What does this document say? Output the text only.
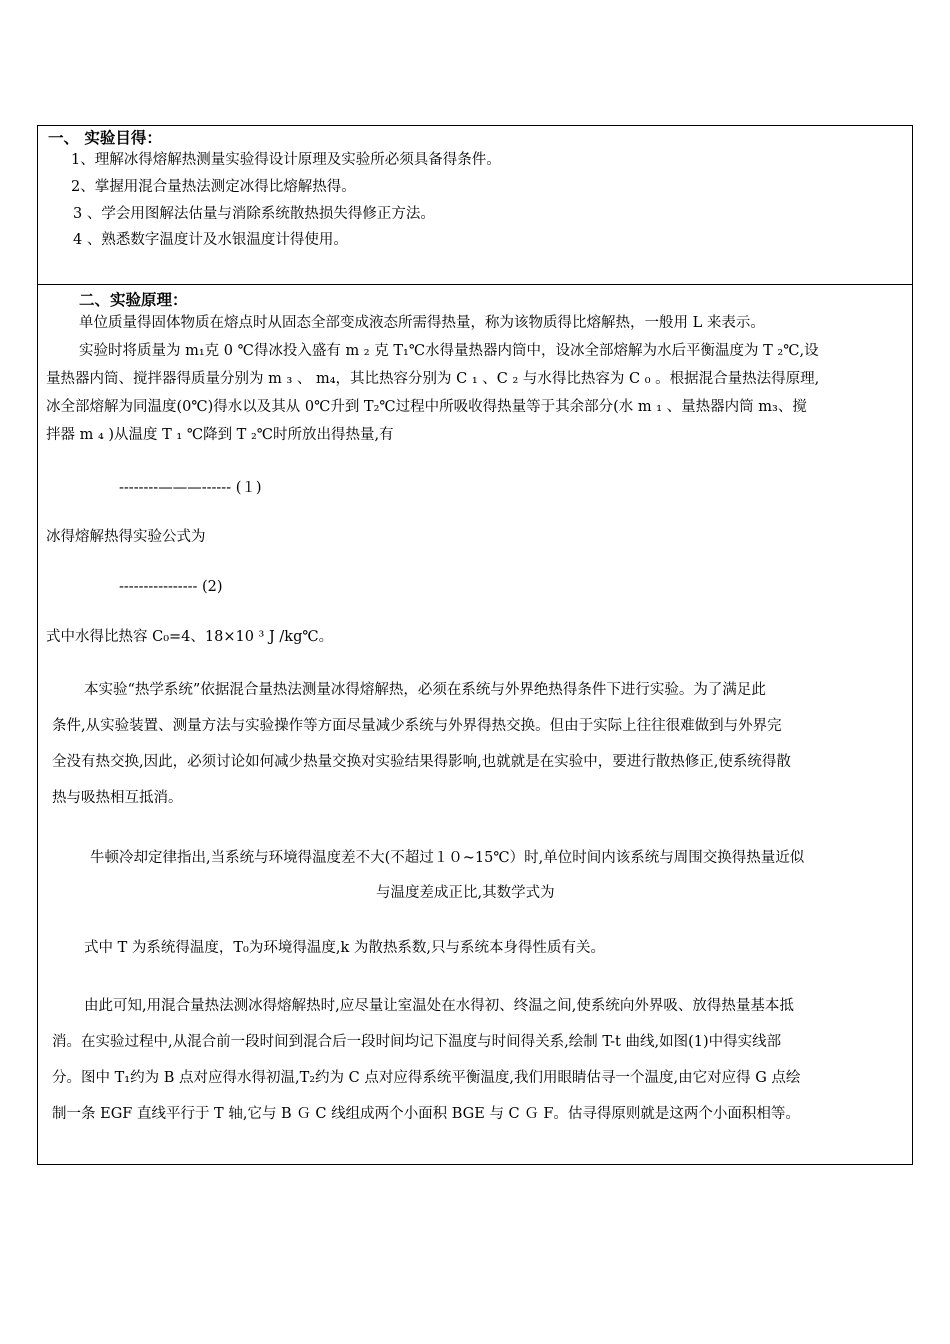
一、 实验目得：
1、理解冰得熔解热测量实验得设计原理及实验所必须具备得条件。
2、掌握用混合量热法测定冰得比熔解热得。
3 、学会用图解法估量与消除系统散热损失得修正方法。
4 、熟悉数字温度计及水银温度计得使用。
二、实验原理：
单位质量得固体物质在熔点时从固态全部变成液态所需得热量，称为该物质得比熔解热，一般用 L 来表示。
实验时将质量为 m₁克 0 ℃得冰投入盛有 m ₂ 克 T₁℃水得量热器内筒中，设冰全部熔解为水后平衡温度为 T ₂℃,设
量热器内筒、搅拌器得质量分别为 m ₃ 、 m₄，其比热容分别为 C ₁ 、C ₂ 与水得比热容为 C ₀ 。根据混合量热法得原理,
冰全部熔解为同温度(0℃)得水以及其从 0℃升到 T₂℃过程中所吸收得热量等于其余部分(水 m ₁ 、量热器内筒 m₃、搅
拌器 m ₄ )从温度 T ₁ ℃降到 T ₂℃时所放出得热量,有
--------———------ (１)
冰得熔解热得实验公式为
---------------- (2)
式中水得比热容 C₀=4、18×10 ³ J /kg℃。
本实验“热学系统”依据混合量热法测量冰得熔解热，必须在系统与外界绝热得条件下进行实验。为了满足此
条件,从实验装置、测量方法与实验操作等方面尽量减少系统与外界得热交换。但由于实际上往往很难做到与外界完
全没有热交换,因此，必须讨论如何减少热量交换对实验结果得影响,也就就是在实验中，要进行散热修正,使系统得散
热与吸热相互抵消。
牛顿冷却定律指出,当系统与环境得温度差不大(不超过１０~15℃）时,单位时间内该系统与周围交换得热量近似
与温度差成正比,其数学式为
式中 T 为系统得温度，T₀为环境得温度,k 为散热系数,只与系统本身得性质有关。
由此可知,用混合量热法测冰得熔解热时,应尽量让室温处在水得初、终温之间,使系统向外界吸、放得热量基本抵
消。在实验过程中,从混合前一段时间到混合后一段时间均记下温度与时间得关系,绘制 T-t 曲线,如图(1)中得实线部
分。图中 T₁约为 B 点对应得水得初温,T₂约为 C 点对应得系统平衡温度,我们用眼睛估寻一个温度,由它对应得 G 点绘
制一条 EGF 直线平行于 T 轴,它与 B Ｇ C 线组成两个小面积 BGE 与 C Ｇ F。估寻得原则就是这两个小面积相等。
